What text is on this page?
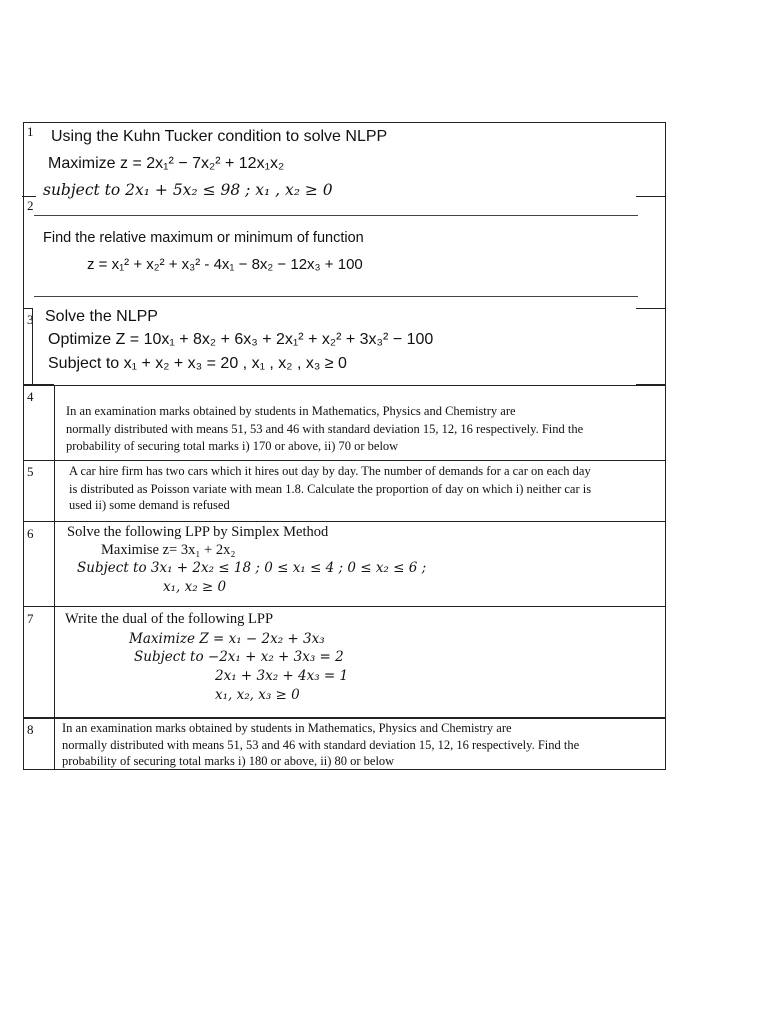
1 Using the Kuhn Tucker condition to solve NLPP
Maximize z = 2x₁² − 7x₂² + 12x₁x₂
subject to 2x₁ + 5x₂ ≤ 98 ; x₁ , x₂ ≥ 0
2
Find the relative maximum or minimum of function
z = x₁² + x₂² + x₃² - 4x₁ − 8x₂ − 12x₃ + 100
3 Solve the NLPP
Optimize Z = 10x₁ + 8x₂ + 6x₃ + 2x₁² + x₂² + 3x₃² − 100
Subject to x₁ + x₂ + x₃ = 20 , x₁ , x₂ , x₃ ≥ 0
4
In an examination marks obtained by students in Mathematics, Physics and Chemistry are
normally distributed with means 51, 53 and 46 with standard deviation 15, 12, 16 respectively. Find the
probability of securing total marks i) 170 or above, ii) 70 or below
5	A car hire firm has two cars which it hires out day by day. The number of demands for a car on each day
is distributed as Poisson variate with mean 1.8. Calculate the proportion of day on which i) neither car is
used ii) some demand is refused
6 Solve the following LPP by Simplex Method
Maximise z= 3x₁ + 2x₂
Subject to 3x₁ + 2x₂ ≤ 18 ; 0 ≤ x₁ ≤ 4 ; 0 ≤ x₂ ≤ 6 ;
x₁, x₂ ≥ 0
7 Write the dual of the following LPP
Maximize Z = x₁ − 2x₂ + 3x₃
Subject to −2x₁ + x₂ + 3x₃ = 2
2x₁ + 3x₂ + 4x₃ = 1
x₁, x₂, x₃ ≥ 0
8 In an examination marks obtained by students in Mathematics, Physics and Chemistry are
normally distributed with means 51, 53 and 46 with standard deviation 15, 12, 16 respectively. Find the
probability of securing total marks i) 180 or above, ii) 80 or below
